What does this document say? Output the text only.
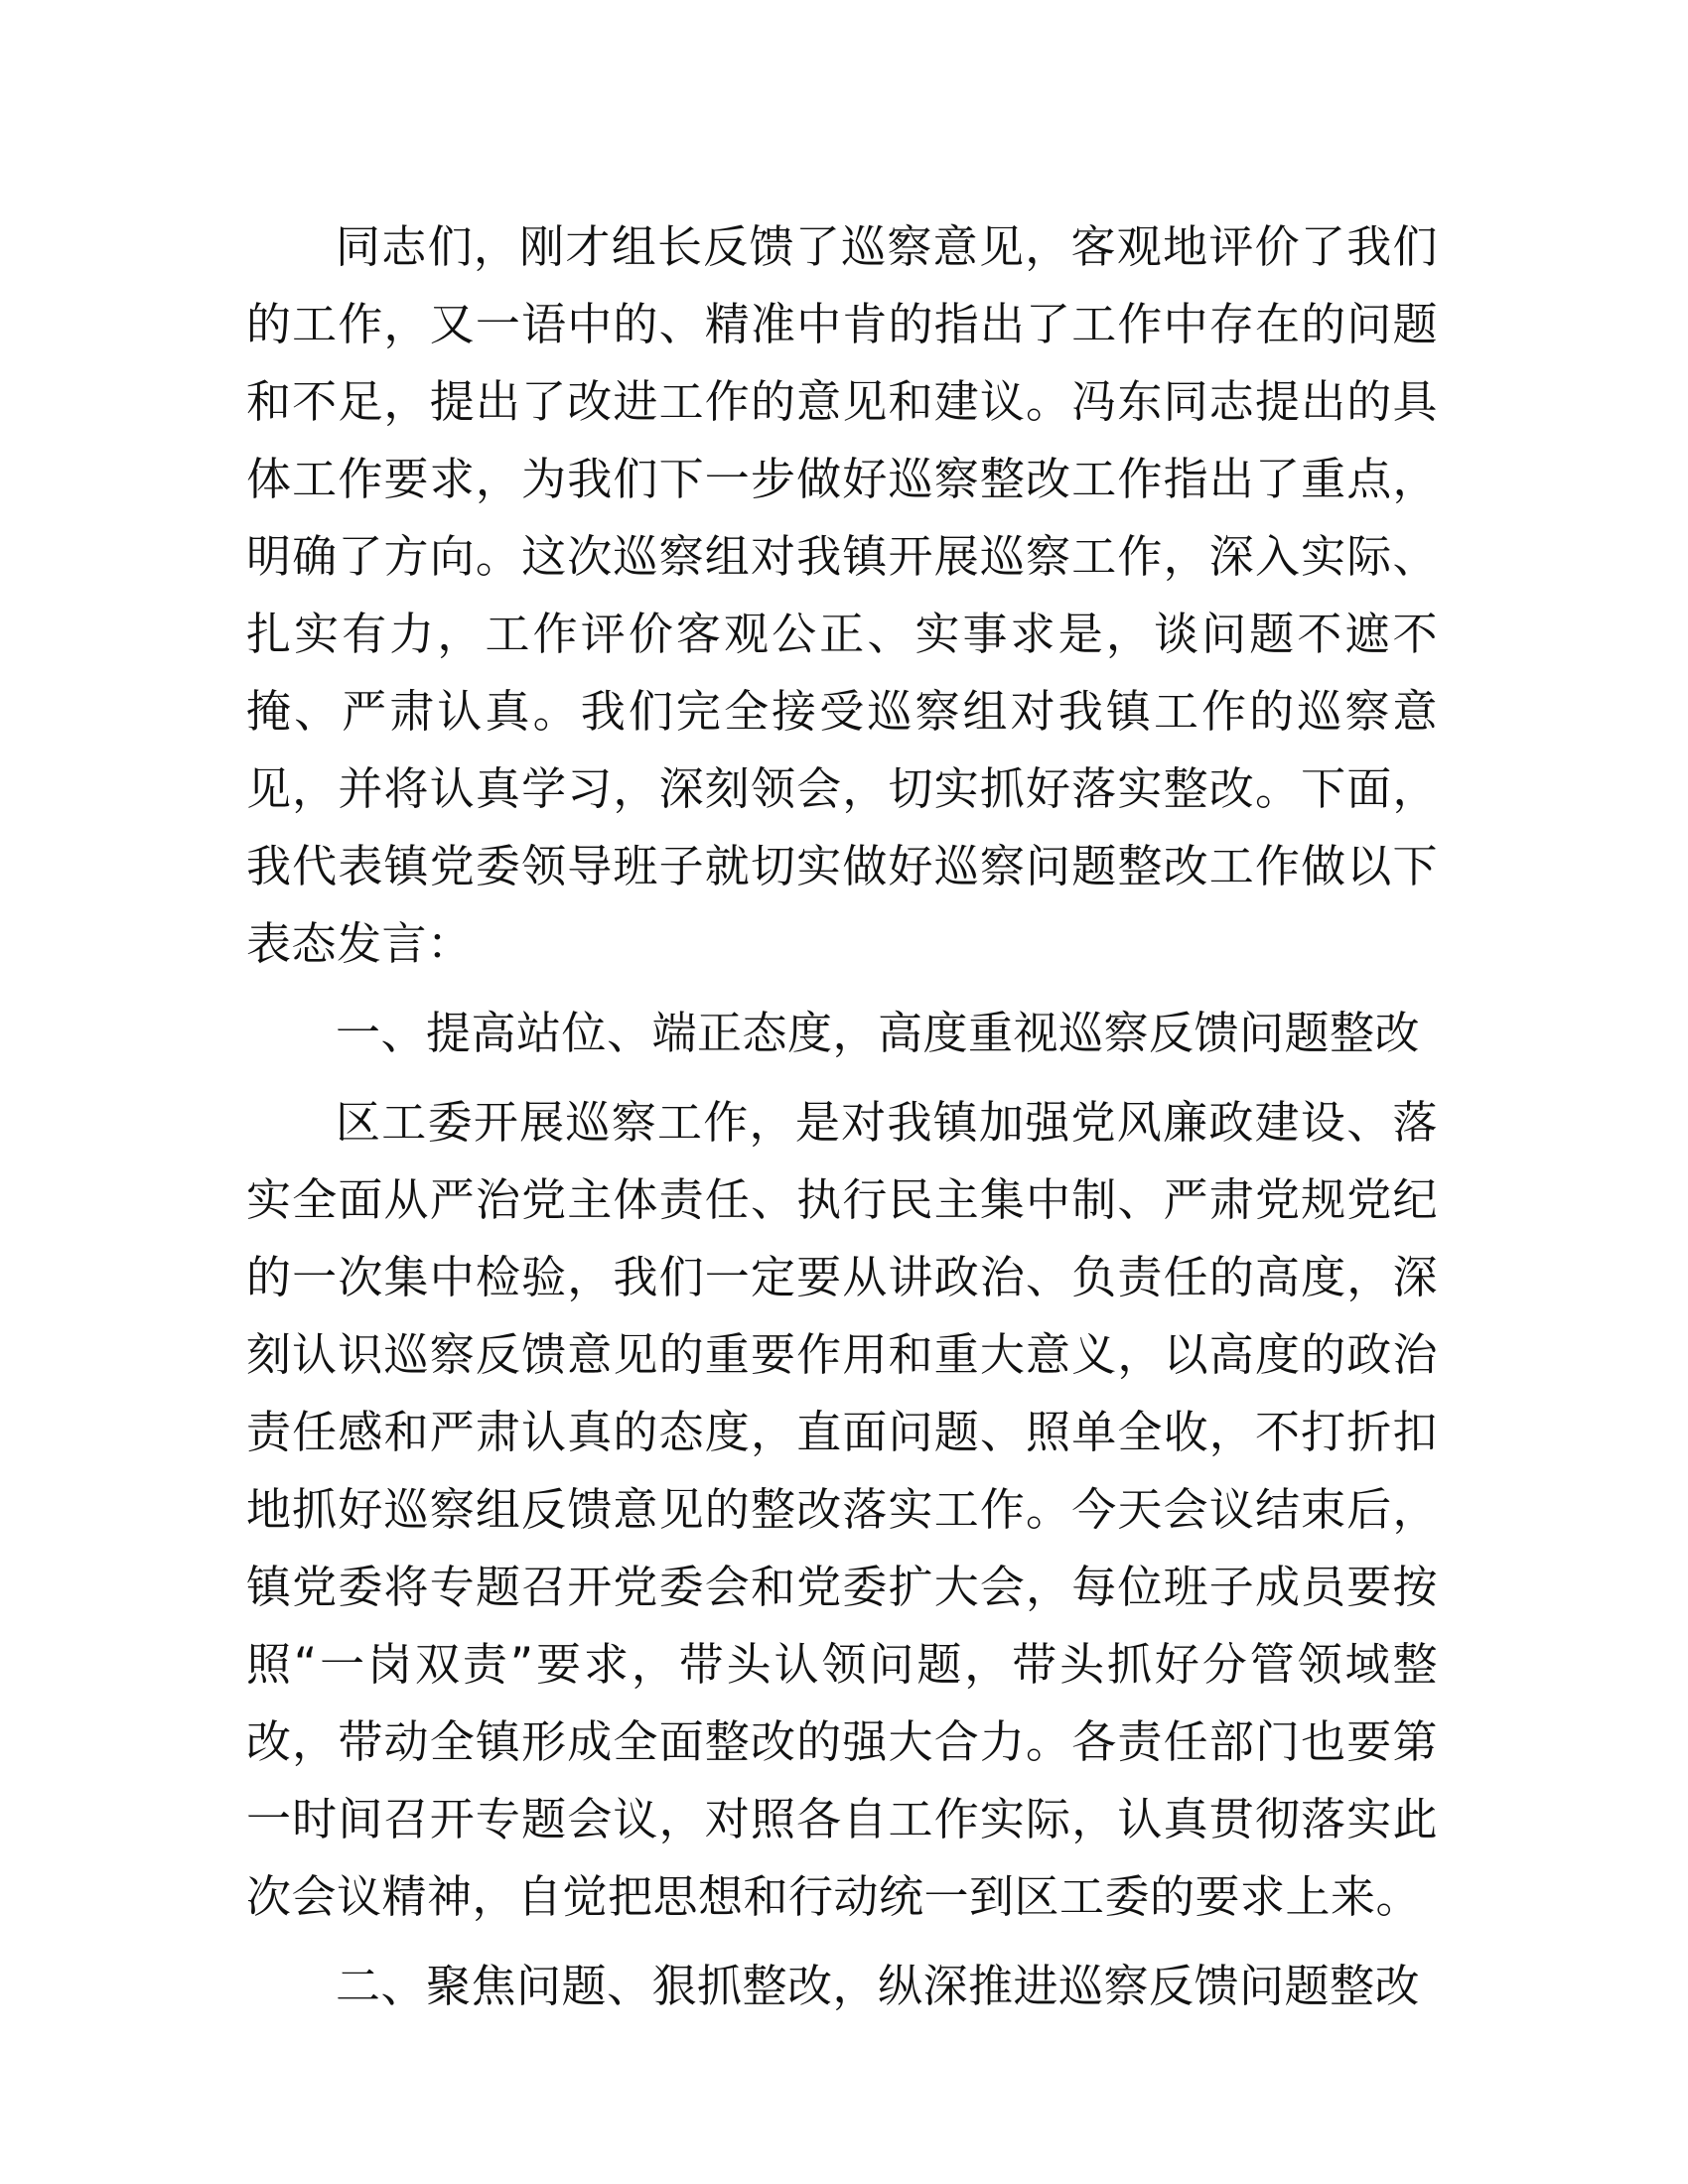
同志们，刚才组长反馈了巡察意见，客观地评价了我们的工作，又一语中的、精准中肯的指出了工作中存在的问题和不足，提出了改进工作的意见和建议。冯东同志提出的具体工作要求，为我们下一步做好巡察整改工作指出了重点，明确了方向。这次巡察组对我镇开展巡察工作，深入实际、扎实有力，工作评价客观公正、实事求是，谈问题不遮不掩、严肃认真。我们完全接受巡察组对我镇工作的巡察意见，并将认真学习，深刻领会，切实抓好落实整改。下面，我代表镇党委领导班子就切实做好巡察问题整改工作做以下表态发言：

一、提高站位、端正态度，高度重视巡察反馈问题整改

区工委开展巡察工作，是对我镇加强党风廉政建设、落实全面从严治党主体责任、执行民主集中制、严肃党规党纪的一次集中检验，我们一定要从讲政治、负责任的高度，深刻认识巡察反馈意见的重要作用和重大意义，以高度的政治责任感和严肃认真的态度，直面问题、照单全收，不打折扣地抓好巡察组反馈意见的整改落实工作。今天会议结束后，镇党委将专题召开党委会和党委扩大会，每位班子成员要按照“一岗双责”要求，带头认领问题，带头抓好分管领域整改，带动全镇形成全面整改的强大合力。各责任部门也要第一时间召开专题会议，对照各自工作实际，认真贯彻落实此次会议精神，自觉把思想和行动统一到区工委的要求上来。

二、聚焦问题、狠抓整改，纵深推进巡察反馈问题整改
